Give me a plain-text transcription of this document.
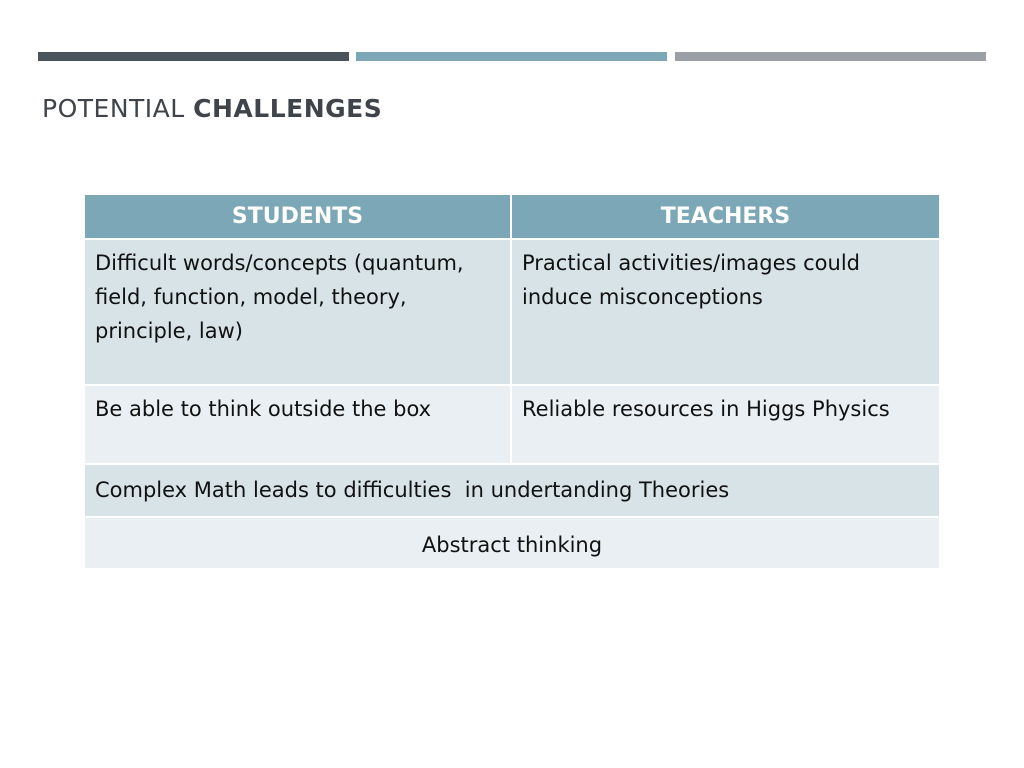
POTENTIAL CHALLENGES
STUDENTS	TEACHERS
Difficult words/concepts (quantum, field, function, model, theory, principle, law)
Practical activities/images could induce misconceptions
Be able to think outside the box	Reliable resources in Higgs Physics
Complex Math leads to difficulties  in undertanding Theories
Abstract thinking
